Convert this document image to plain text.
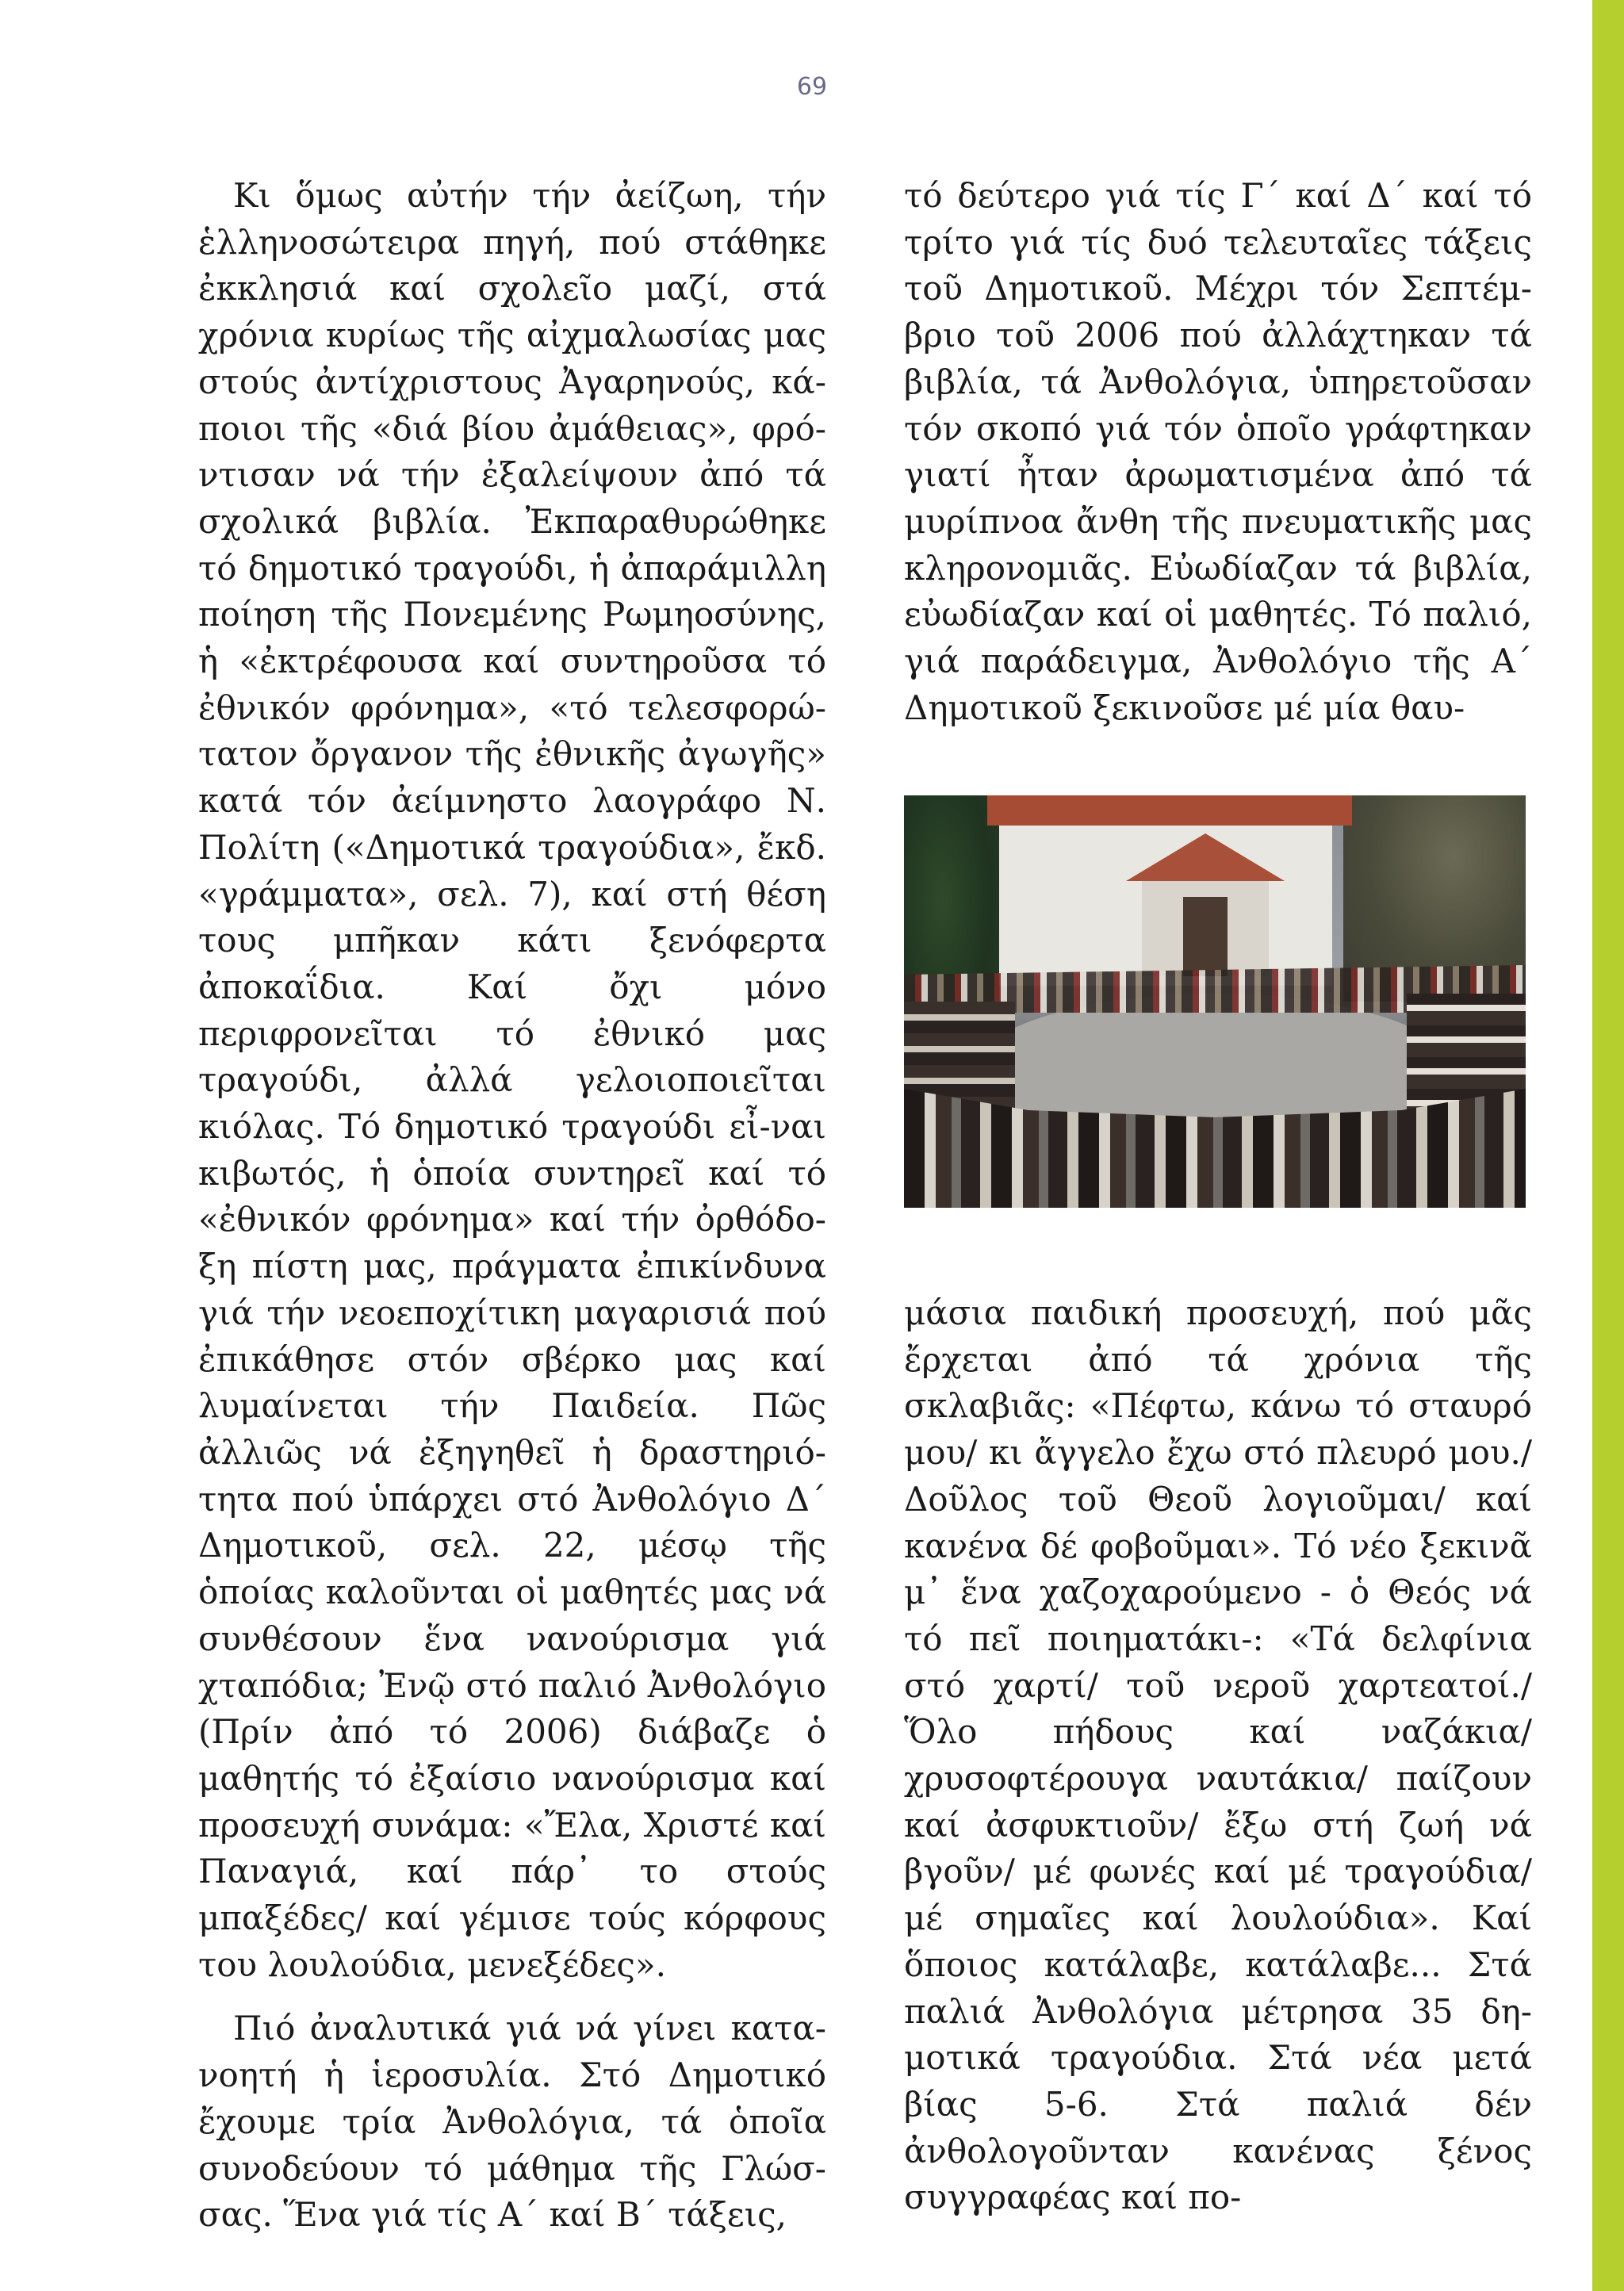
69

Κι ὅμως αὐτήν τήν ἀείζωη, τήν ἑλληνοσώτειρα πηγή, πού στάθηκε ἐκκλησιά καί σχολεῖο μαζί, στά χρόνια κυρίως τῆς αἰχμαλωσίας μας στούς ἀντίχριστους Ἀγαρηνούς, κάποιοι τῆς «διά βίου ἀμάθειας», φρόντισαν νά τήν ἐξαλείψουν ἀπό τά σχολικά βιβλία. Ἐκπαραθυρώθηκε τό δημοτικό τραγούδι, ἡ ἀπαράμιλλη ποίηση τῆς Πονεμένης Ρωμηοσύνης, ἡ «ἐκτρέφουσα καί συντηροῦσα τό ἐθνικόν φρόνημα», «τό τελεσφορώτατον ὄργανον τῆς ἐθνικῆς ἀγωγῆς» κατά τόν ἀείμνηστο λαογράφο Ν. Πολίτη («Δημοτικά τραγούδια», ἔκδ. «γράμματα», σελ. 7), καί στή θέση τους μπῆκαν κάτι ξενόφερτα ἀποκαΐδια. Καί ὄχι μόνο περιφρονεῖται τό ἐθνικό μας τραγούδι, ἀλλά γελοιοποιεῖται κιόλας. Τό δημοτικό τραγούδι εἶ-ναι κιβωτός, ἡ ὁποία συντηρεῖ καί τό «ἐθνικόν φρόνημα» καί τήν ὀρθόδοξη πίστη μας, πράγματα ἐπικίνδυνα γιά τήν νεοεποχίτικη μαγαρισιά πού ἐπικάθησε στόν σβέρκο μας καί λυμαίνεται τήν Παιδεία. Πῶς ἀλλιῶς νά ἐξηγηθεῖ ἡ δραστηριότητα πού ὑπάρχει στό Ἀνθολόγιο Δ΄ Δημοτικοῦ, σελ. 22, μέσῳ τῆς ὁποίας καλοῦνται οἱ μαθητές μας νά συνθέσουν ἕνα νανούρισμα γιά χταπόδια; Ἐνῷ στό παλιό Ἀνθολόγιο (Πρίν ἀπό τό 2006) διάβαζε ὁ μαθητής τό ἐξαίσιο νανούρισμα καί προσευχή συνάμα: «Ἔλα, Χριστέ καί Παναγιά, καί πάρ᾽ το στούς μπαξέδες/ καί γέμισε τούς κόρφους του λουλούδια, μενεξέδες».

Πιό ἀναλυτικά γιά νά γίνει κατανοητή ἡ ἱεροσυλία. Στό Δημοτικό ἔχουμε τρία Ἀνθολόγια, τά ὁποῖα συνοδεύουν τό μάθημα τῆς Γλώσσας. Ἕνα γιά τίς Α΄ καί Β΄ τάξεις,

τό δεύτερο γιά τίς Γ΄ καί Δ΄ καί τό τρίτο γιά τίς δυό τελευταῖες τάξεις τοῦ Δημοτικοῦ. Μέχρι τόν Σεπτέμβριο τοῦ 2006 πού ἀλλάχτηκαν τά βιβλία, τά Ἀνθολόγια, ὑπηρετοῦσαν τόν σκοπό γιά τόν ὁποῖο γράφτηκαν γιατί ἦταν ἀρωματισμένα ἀπό τά μυρίπνοα ἄνθη τῆς πνευματικῆς μας κληρονομιᾶς. Εὐωδίαζαν τά βιβλία, εὐωδίαζαν καί οἱ μαθητές. Τό παλιό, γιά παράδειγμα, Ἀνθολόγιο τῆς Α΄ Δημοτικοῦ ξεκινοῦσε μέ μία θαυ-

μάσια παιδική προσευχή, πού μᾶς ἔρχεται ἀπό τά χρόνια τῆς σκλαβιᾶς: «Πέφτω, κάνω τό σταυρό μου/ κι ἄγγελο ἔχω στό πλευρό μου./ Δοῦλος τοῦ Θεοῦ λογιοῦμαι/ καί κανένα δέ φοβοῦμαι». Τό νέο ξεκινᾶ μ᾽ ἕνα χαζοχαρούμενο - ὁ Θεός νά τό πεῖ ποιηματάκι-: «Τά δελφίνια στό χαρτί/ τοῦ νεροῦ χαρτεατοί./ Ὅλο πήδους καί ναζάκια/ χρυσοφτέρουγα ναυτάκια/ παίζουν καί ἀσφυκτιοῦν/ ἔξω στή ζωή νά βγοῦν/ μέ φωνές καί μέ τραγούδια/ μέ σημαῖες καί λουλούδια». Καί ὅποιος κατάλαβε, κατάλαβε... Στά παλιά Ἀνθολόγια μέτρησα 35 δημοτικά τραγούδια. Στά νέα μετά βίας 5-6. Στά παλιά δέν ἀνθολογοῦνταν κανένας ξένος συγγραφέας καί πο-
